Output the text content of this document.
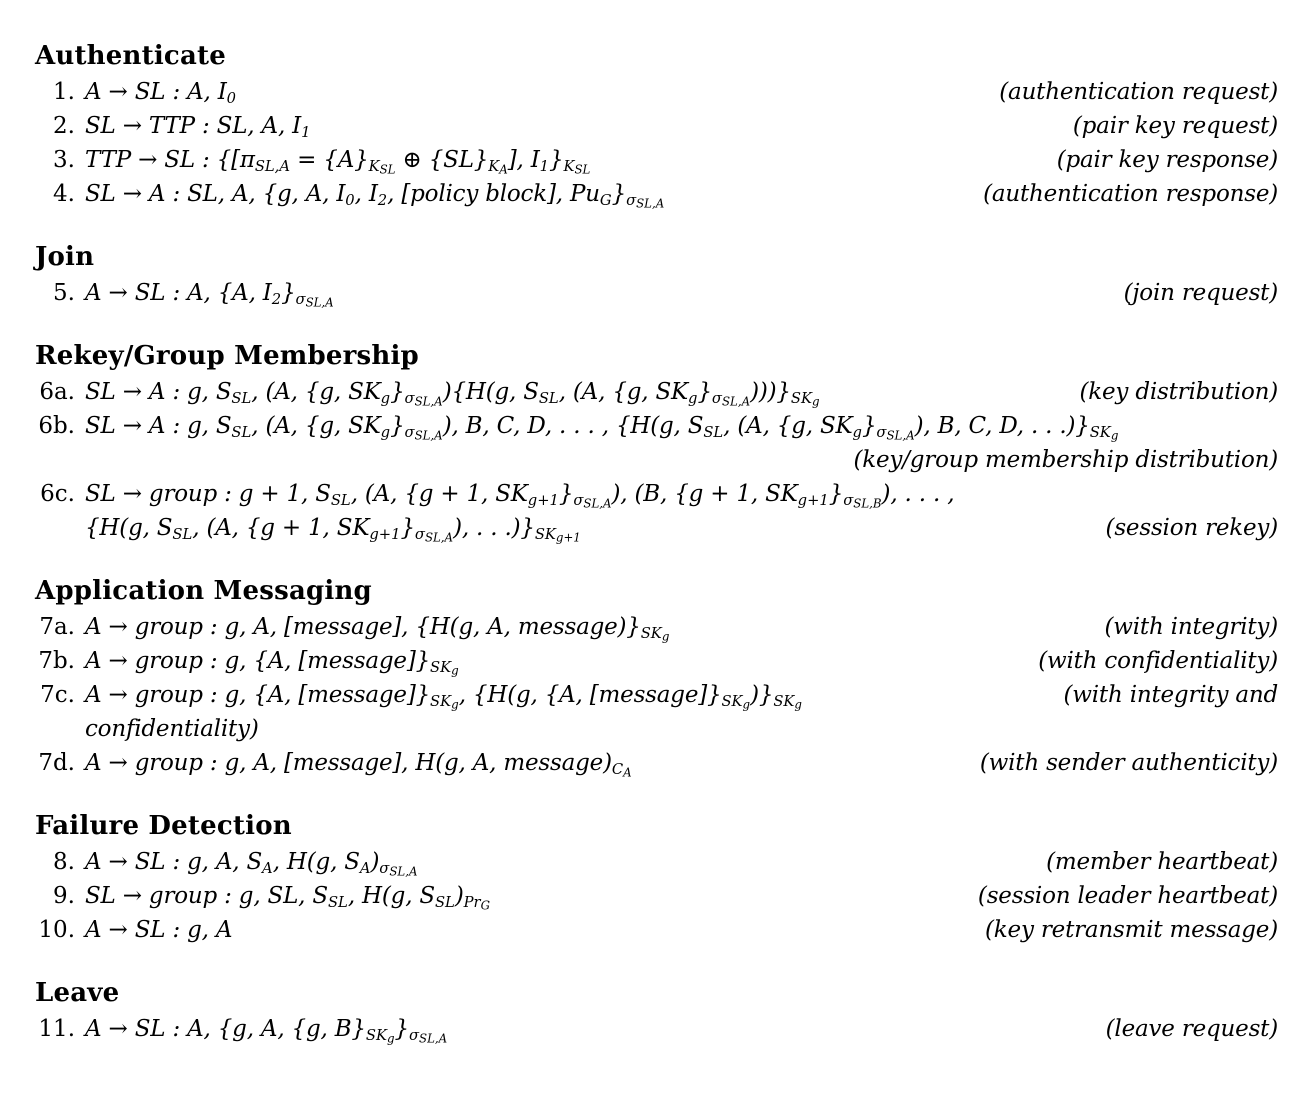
Authenticate
1. A → SL : A, $I_0$	(authentication request)
2. SL → TTP : SL, A, $I_1$	(pair key request)
3. TTP → SL : {[$\pi_{SL,A} = \{A\}_{K_{SL}}$ ⊕ $\{SL\}_{K_A}$], $I_1\}_{K_{SL}}$	(pair key response)
4. SL → A : SL, A, {g, A, $I_0$, $I_2$, [policy block], $Pu_G\}_{\sigma_{SL,A}}$	(authentication response)
Join
5. A → SL : A, {A, $I_2\}_{\sigma_{SL,A}}$	(join request)
Rekey/Group Membership
6a. SL → A : g, $S_{SL}$, (A, {g, $SK_g\}_{\sigma_{SL,A}})\{H(g$, $S_{SL}$, (A, {g, $SK_g\}_{\sigma_{SL,A}})))\}_{SK_g}$	(key distribution)
6b. SL → A : g, $S_{SL}$, (A, {g, $SK_g\}_{\sigma_{SL,A}}$), B, C, D, . . . , {H(g, $S_{SL}$, (A, {g, $SK_g\}_{\sigma_{SL,A}}$), B, C, D, . . $.)\}_{SK_g}$
(key/group membership distribution)
6c. SL → group : g + 1, $S_{SL}$, (A, {g + 1, $SK_{g+1}\}_{\sigma_{SL,A}}$), (B, {g + 1, $SK_{g+1}\}_{\sigma_{SL,B}}$), . . . ,
{H(g, $S_{SL}$, (A, {g + 1, $SK_{g+1}\}_{\sigma_{SL,A}}$), . . $.)\}_{SK_{g+1}}$	(session rekey)
Application Messaging
7a. A → group : g, A, [message], {H(g, A, $message)\}_{SK_g}$	(with integrity)
7b. A → group : g, {A, $[message]\}_{SK_g}$	(with confidentiality)
7c. A → group : g, {A, $[message]\}_{SK_g}$, {H(g, {A, $[message]\}_{SK_g})\}_{SK_g}$	(with integrity and
confidentiality)
7d. A → group : g, A, [message], H(g, A, $message)_{C_A}$	(with sender authenticity)
Failure Detection
8. A → SL : g, A, $S_A$, H(g, $S_A)_{\sigma_{SL,A}}$	(member heartbeat)
9. SL → group : g, SL, $S_{SL}$, H(g, $S_{SL})_{Pr_G}$	(session leader heartbeat)
10. A → SL : g, A	(key retransmit message)
Leave
11. A → SL : A, {g, A, {g, $B\}_{SK_g}\}_{\sigma_{SL,A}}$	(leave request)
